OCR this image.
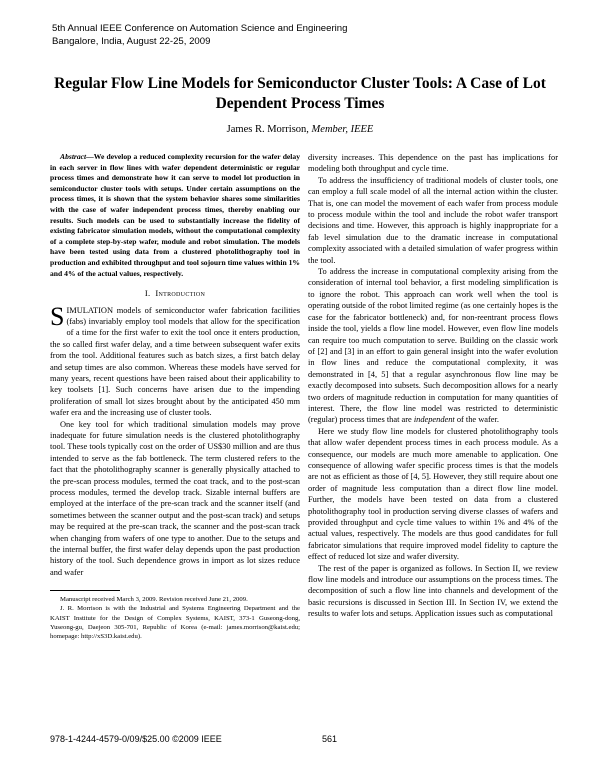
5th Annual IEEE Conference on Automation Science and Engineering
Bangalore, India, August 22-25, 2009
Regular Flow Line Models for Semiconductor Cluster Tools: A Case of Lot Dependent Process Times
James R. Morrison, Member, IEEE

Abstract—We develop a reduced complexity recursion for the wafer delay in each server in flow lines with wafer dependent deterministic or regular process times and demonstrate how it can serve to model lot production in semiconductor cluster tools with setups. Under certain assumptions on the process times, it is shown that the system behavior shares some similarities with the case of wafer independent process times, thereby enabling our results. Such models can be used to substantially increase the fidelity of existing fabricator simulation models, without the computational complexity of a complete step-by-step wafer, module and robot simulation. The models have been tested using data from a clustered photolithography tool in production and exhibited throughput and tool sojourn time values within 1% and 4% of the actual values, respectively.

I. Introduction

SIMULATION models of semiconductor wafer fabrication facilities (fabs) invariably employ tool models that allow for the specification of a time for the first wafer to exit the tool once it enters production, the so called first wafer delay, and a time between subsequent wafer exits from the tool. Additional features such as batch sizes, a first batch delay and setup times are also common. Whereas these models have served for many years, recent questions have been raised about their applicability to key toolsets [1]. Such concerns have arisen due to the impending proliferation of small lot sizes brought about by the anticipated 450 mm wafer era and the increasing use of cluster tools.

One key tool for which traditional simulation models may prove inadequate for future simulation needs is the clustered photolithography tool. These tools typically cost on the order of US$30 million and are thus intended to serve as the fab bottleneck. The term clustered refers to the fact that the photolithography scanner is generally physically attached to the pre-scan process modules, termed the coat track, and to the post-scan process modules, termed the develop track. Sizable internal buffers are employed at the interface of the pre-scan track and the scanner itself (and sometimes between the scanner output and the post-scan track) and setups may be required at the pre-scan track, the scanner and the post-scan track when changing from wafers of one type to another. Due to the setups and the internal buffer, the first wafer delay depends upon the past production history of the tool. Such dependence grows in import as lot sizes reduce and wafer

Manuscript received March 3, 2009. Revision received June 21, 2009.

J. R. Morrison is with the Industrial and Systems Engineering Department and the KAIST Institute for the Design of Complex Systems, KAIST, 373-1 Guseong-dong, Yuseong-gu, Daejeon 305-701, Republic of Korea (e-mail: james.morrison@kaist.edu; homepage: http://xS3D.kaist.edu).

diversity increases. This dependence on the past has implications for modeling both throughput and cycle time.

To address the insufficiency of traditional models of cluster tools, one can employ a full scale model of all the internal action within the cluster. That is, one can model the movement of each wafer from process module to process module within the tool and include the robot wafer transport decisions and time. However, this approach is highly inappropriate for a fab level simulation due to the dramatic increase in computational complexity associated with a detailed simulation of wafer progress within the tool.

To address the increase in computational complexity arising from the consideration of internal tool behavior, a first modeling simplification is to ignore the robot. This approach can work well when the tool is operating outside of the robot limited regime (as one certainly hopes is the case for the fabricator bottleneck) and, for non-reentrant process flows inside the tool, yields a flow line model. However, even flow line models can require too much computation to serve. Building on the classic work of [2] and [3] in an effort to gain general insight into the wafer evolution in flow lines and reduce the computational complexity, it was demonstrated in [4, 5] that a regular asynchronous flow line may be exactly decomposed into subsets. Such decomposition allows for a nearly two orders of magnitude reduction in computation for many quantities of interest. There, the flow line model was restricted to deterministic (regular) process times that are independent of the wafer.

Here we study flow line models for clustered photolithography tools that allow wafer dependent process times in each process module. As a consequence, our models are much more amenable to application. One consequence of allowing wafer specific process times is that the models are not as efficient as those of [4, 5]. However, they still require about one order of magnitude less computation than a direct flow line model. Further, the models have been tested on data from a clustered photolithography tool in production serving diverse classes of wafers and provided throughput and cycle time values to within 1% and 4% of the actual values, respectively. The models are thus good candidates for full fabricator simulations that require improved model fidelity to capture the effect of reduced lot size and wafer diversity.

The rest of the paper is organized as follows. In Section II, we review flow line models and introduce our assumptions on the process times. The decomposition of such a flow line into channels and development of the basic recursions is discussed in Section III. In Section IV, we extend the results to wafer lots and setups. Application issues such as computational

978-1-4244-4579-0/09/$25.00 ©2009 IEEE	561
